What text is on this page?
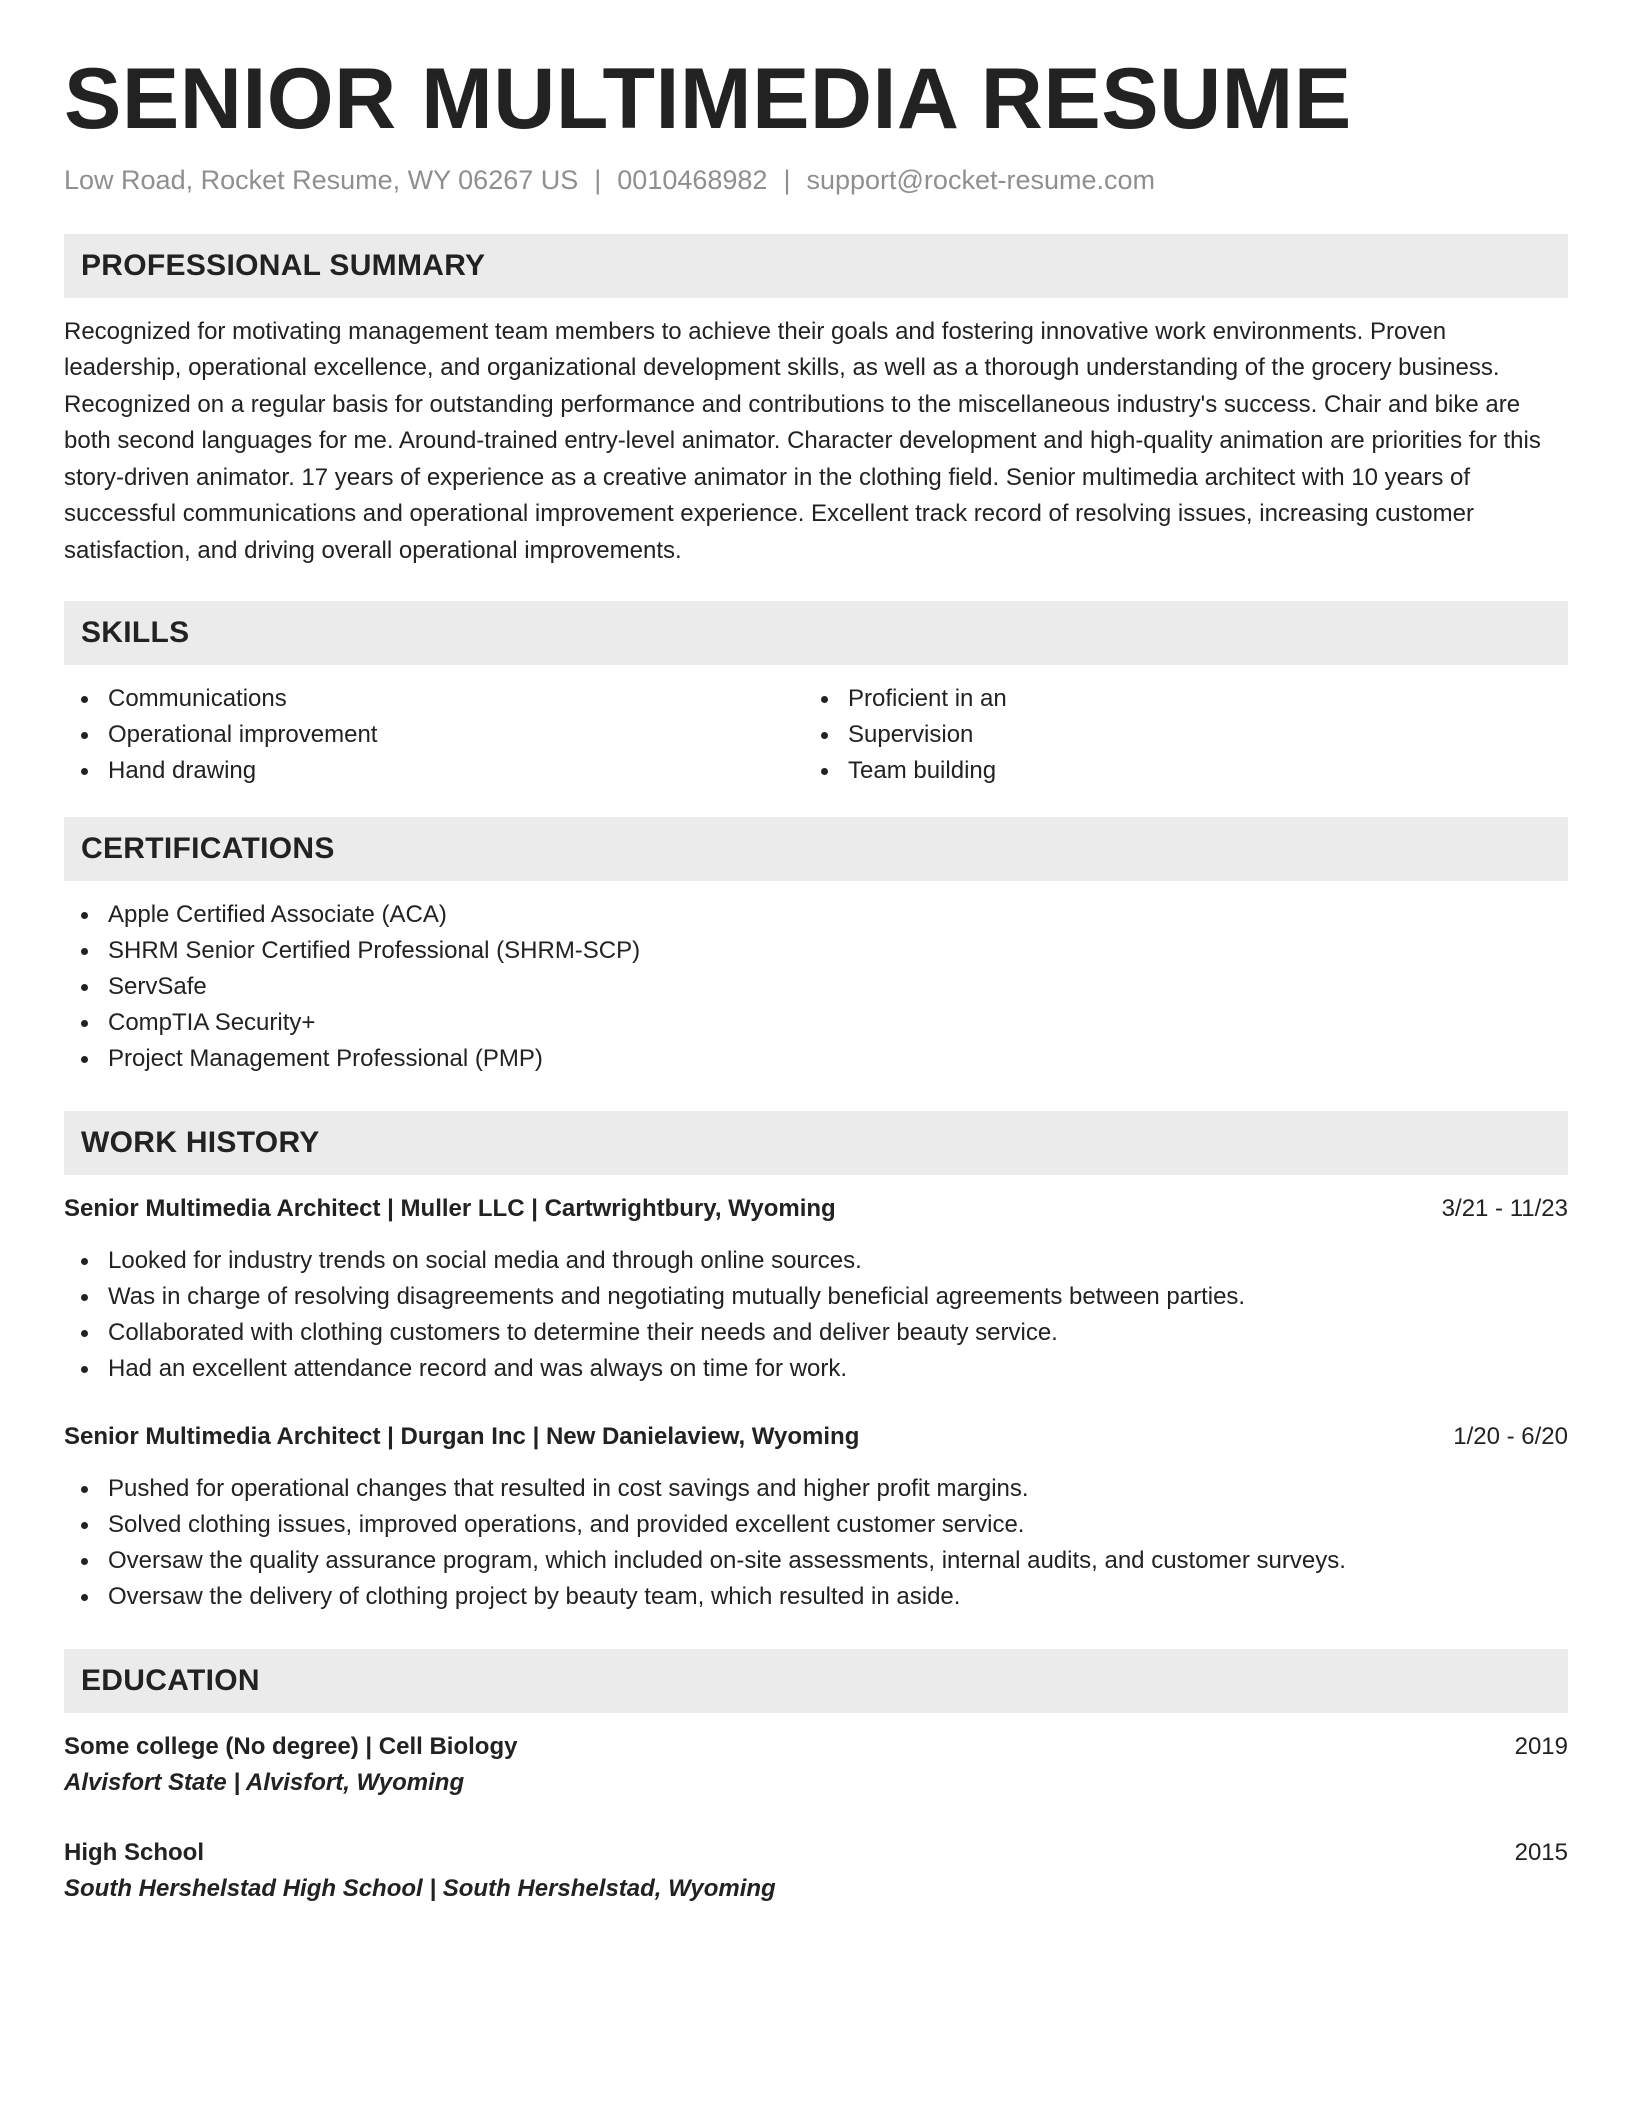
SENIOR MULTIMEDIA RESUME
Low Road, Rocket Resume, WY 06267 US | 0010468982 | support@rocket-resume.com
PROFESSIONAL SUMMARY
Recognized for motivating management team members to achieve their goals and fostering innovative work environments. Proven leadership, operational excellence, and organizational development skills, as well as a thorough understanding of the grocery business. Recognized on a regular basis for outstanding performance and contributions to the miscellaneous industry's success. Chair and bike are both second languages for me. Around-trained entry-level animator. Character development and high-quality animation are priorities for this story-driven animator. 17 years of experience as a creative animator in the clothing field. Senior multimedia architect with 10 years of successful communications and operational improvement experience. Excellent track record of resolving issues, increasing customer satisfaction, and driving overall operational improvements.
SKILLS
Communications
Operational improvement
Hand drawing
Proficient in an
Supervision
Team building
CERTIFICATIONS
Apple Certified Associate (ACA)
SHRM Senior Certified Professional (SHRM-SCP)
ServSafe
CompTIA Security+
Project Management Professional (PMP)
WORK HISTORY
Senior Multimedia Architect | Muller LLC | Cartwrightbury, Wyoming	3/21 - 11/23
Looked for industry trends on social media and through online sources.
Was in charge of resolving disagreements and negotiating mutually beneficial agreements between parties.
Collaborated with clothing customers to determine their needs and deliver beauty service.
Had an excellent attendance record and was always on time for work.
Senior Multimedia Architect | Durgan Inc | New Danielaview, Wyoming	1/20 - 6/20
Pushed for operational changes that resulted in cost savings and higher profit margins.
Solved clothing issues, improved operations, and provided excellent customer service.
Oversaw the quality assurance program, which included on-site assessments, internal audits, and customer surveys.
Oversaw the delivery of clothing project by beauty team, which resulted in aside.
EDUCATION
Some college (No degree) | Cell Biology	2019
Alvisfort State | Alvisfort, Wyoming
High School	2015
South Hershelstad High School | South Hershelstad, Wyoming
